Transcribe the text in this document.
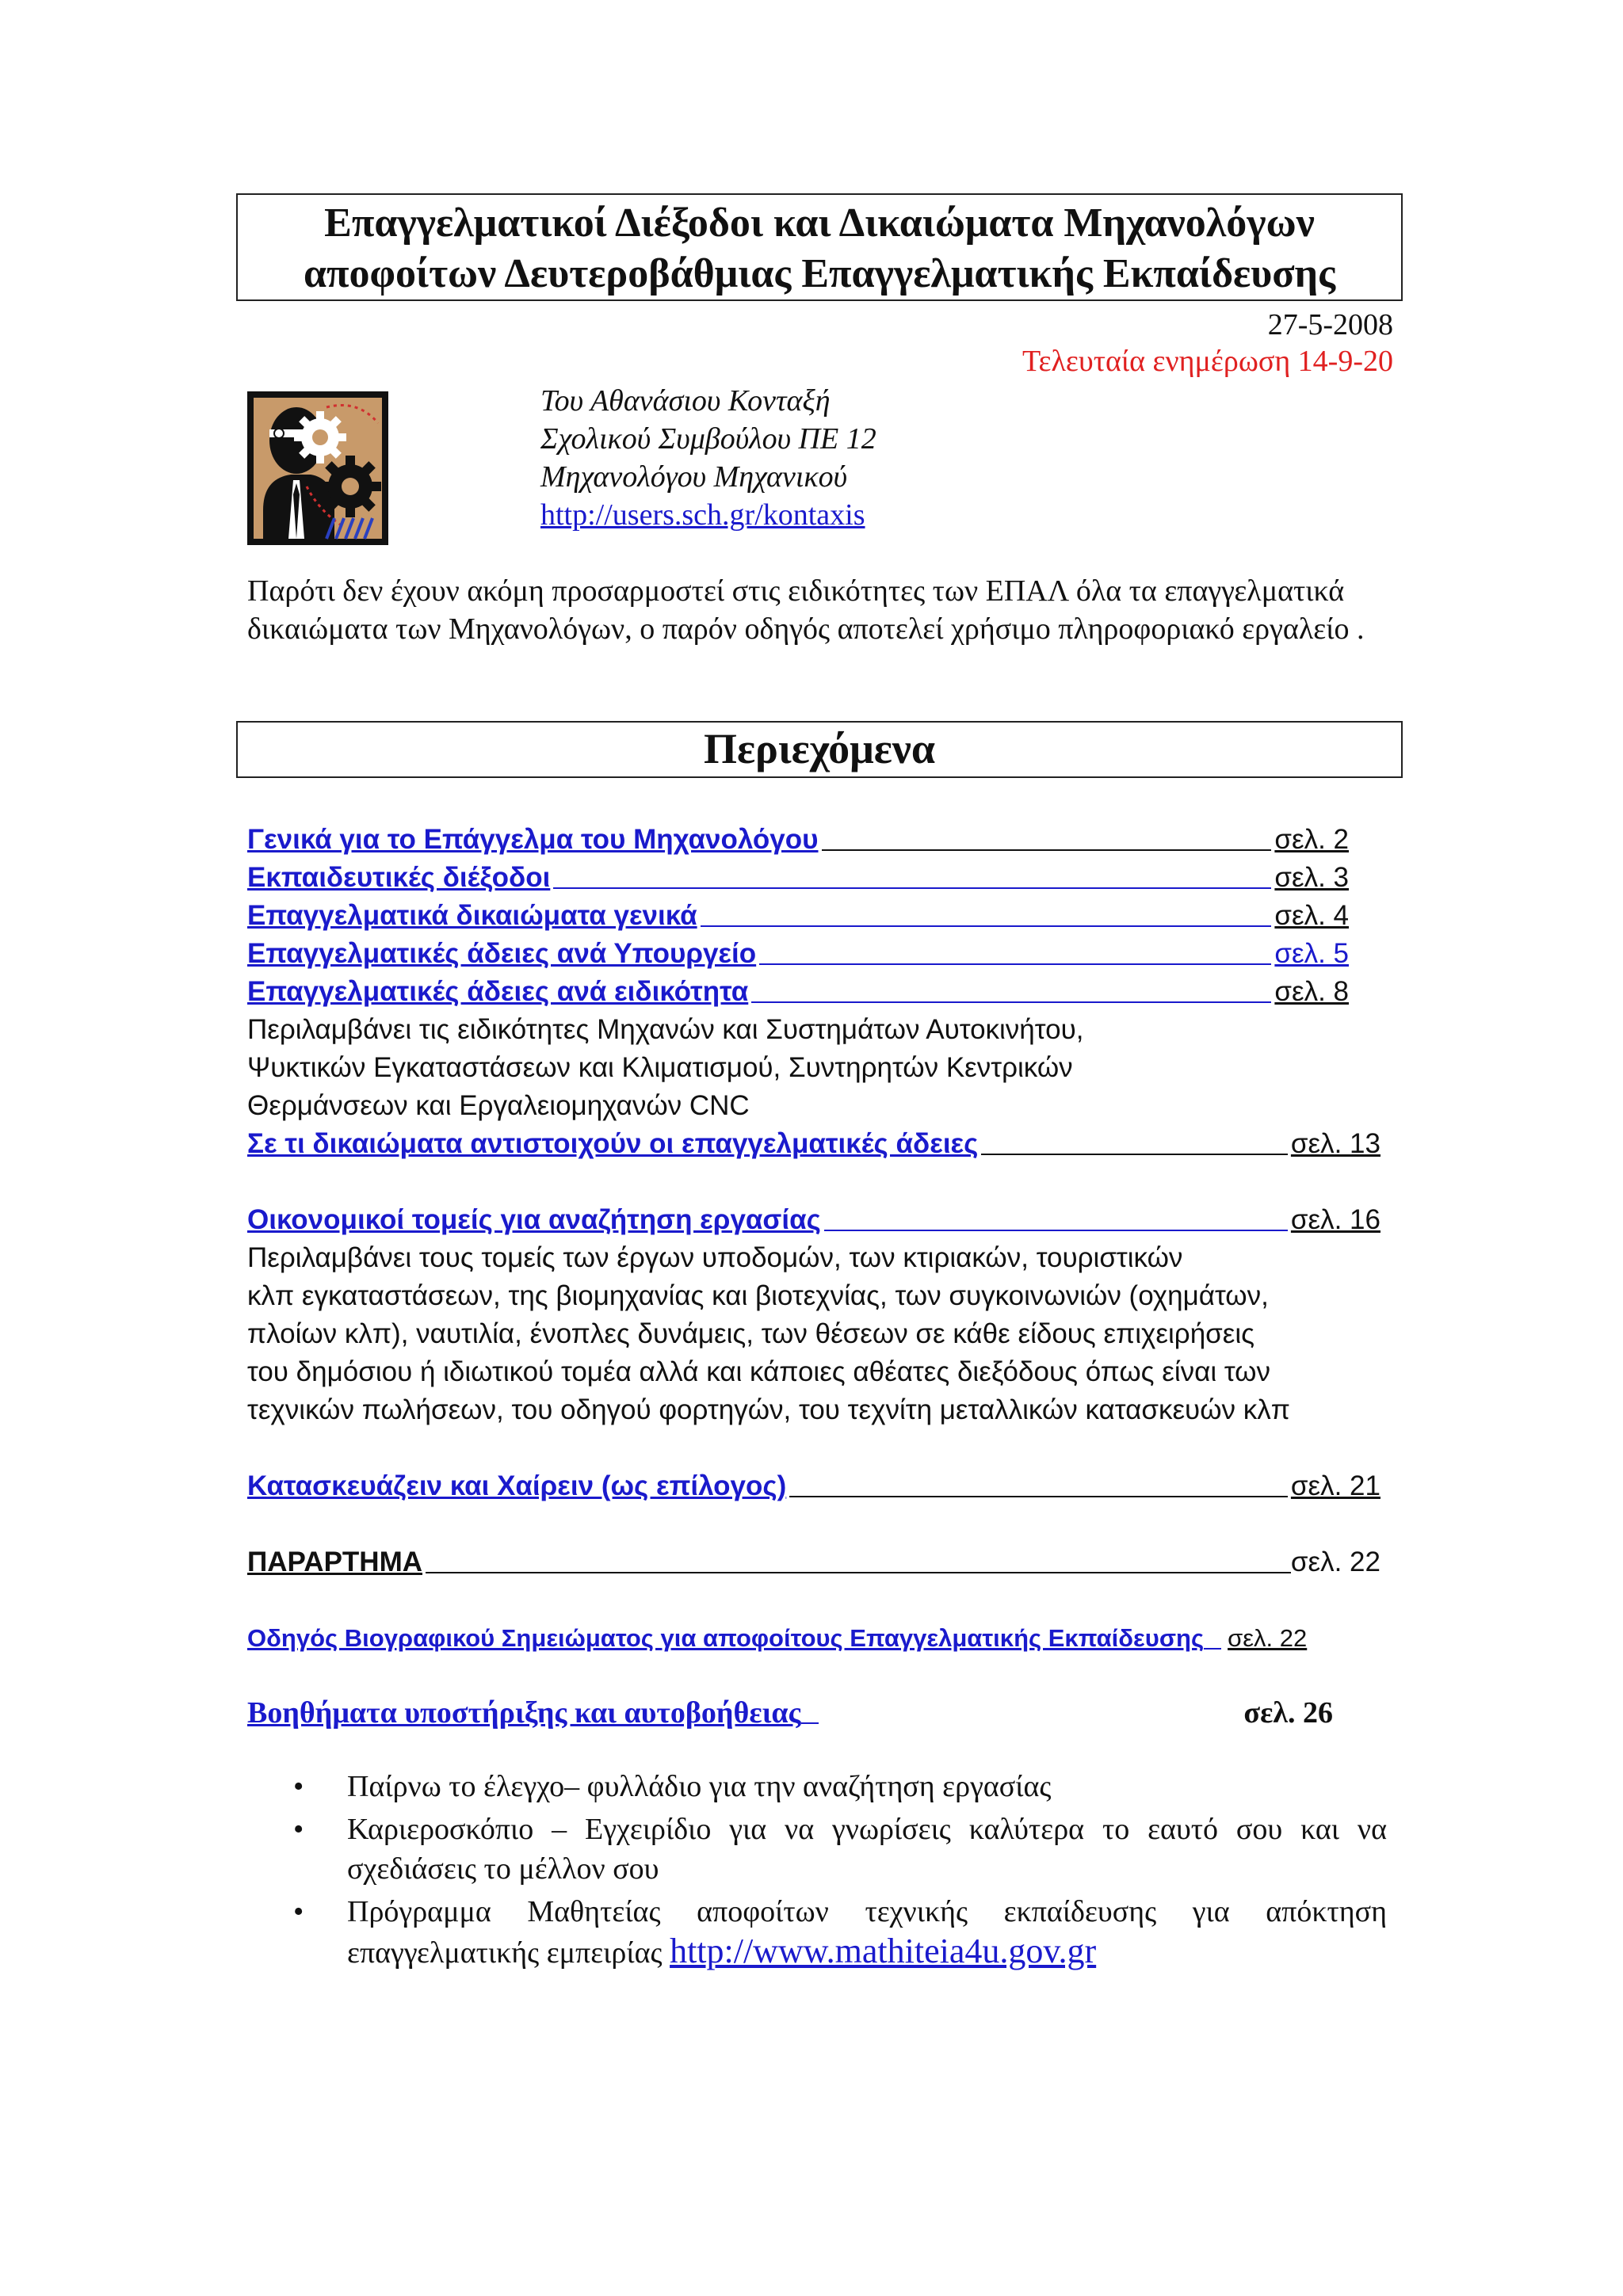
Επαγγελματικοί Διέξοδοι και Δικαιώματα Μηχανολόγων
αποφοίτων Δευτεροβάθμιας Επαγγελματικής Εκπαίδευσης
27-5-2008
Τελευταία ενημέρωση 14-9-20
Του Αθανάσιου Κονταξή
Σχολικού Συμβούλου ΠΕ 12
Μηχανολόγου Μηχανικού
http://users.sch.gr/kontaxis
Παρότι δεν έχουν ακόμη προσαρμοστεί στις ειδικότητες των ΕΠΑΛ όλα τα επαγγελματικά δικαιώματα των Μηχανολόγων, ο παρόν οδηγός αποτελεί χρήσιμο πληροφοριακό εργαλείο .
Περιεχόμενα
Γενικά για το Επάγγελμα του Μηχανολόγου	σελ. 2
Εκπαιδευτικές διέξοδοι	σελ. 3
Επαγγελματικά δικαιώματα γενικά	σελ. 4
Επαγγελματικές άδειες ανά Υπουργείο	σελ. 5
Επαγγελματικές άδειες ανά ειδικότητα	σελ. 8
Περιλαμβάνει τις ειδικότητες Μηχανών και Συστημάτων Αυτοκινήτου,
Ψυκτικών Εγκαταστάσεων και Κλιματισμού, Συντηρητών Κεντρικών
Θερμάνσεων και Εργαλειομηχανών CNC
Σε τι δικαιώματα αντιστοιχούν οι επαγγελματικές άδειες	σελ. 13
Οικονομικοί τομείς για αναζήτηση εργασίας	σελ. 16
Περιλαμβάνει τους τομείς των έργων υποδομών, των κτιριακών, τουριστικών
κλπ εγκαταστάσεων, της βιομηχανίας και βιοτεχνίας, των συγκοινωνιών (οχημάτων,
πλοίων κλπ), ναυτιλία, ένοπλες δυνάμεις, των θέσεων σε κάθε είδους επιχειρήσεις
του δημόσιου ή ιδιωτικού τομέα αλλά και κάποιες αθέατες διεξόδους όπως είναι των
τεχνικών πωλήσεων, του οδηγού φορτηγών, του τεχνίτη μεταλλικών κατασκευών κλπ
Κατασκευάζειν και Χαίρειν (ως επίλογος)	σελ. 21
ΠΑΡΑΡΤΗΜΑ	σελ. 22
Οδηγός Βιογραφικού Σημειώματος για αποφοίτους Επαγγελματικής Εκπαίδευσης σελ. 22
Βοηθήματα υποστήριξης και αυτοβοήθειας	σελ. 26
• Παίρνω το έλεγχο– φυλλάδιο για την αναζήτηση εργασίας
• Καριεροσκόπιο – Εγχειρίδιο για να γνωρίσεις καλύτερα το εαυτό σου και να σχεδιάσεις το μέλλον σου
• Πρόγραμμα Μαθητείας αποφοίτων τεχνικής εκπαίδευσης για απόκτηση επαγγελματικής εμπειρίας http://www.mathiteia4u.gov.gr
